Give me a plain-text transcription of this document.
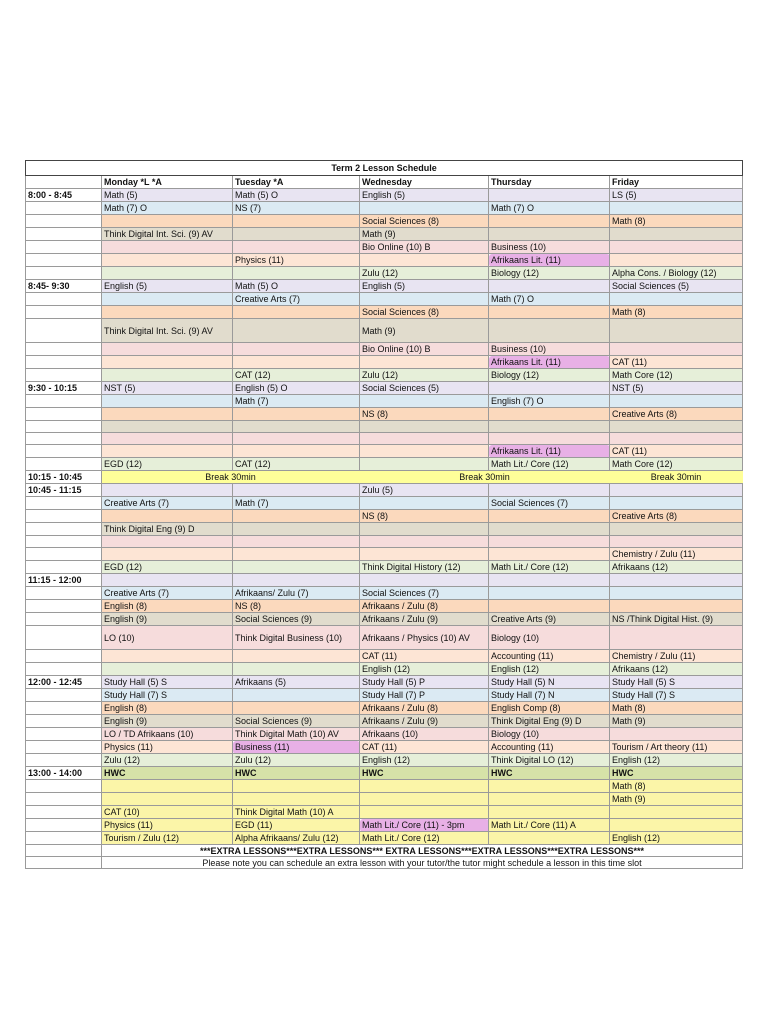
Term 2 Lesson Schedule					
	Monday *L *A	Tuesday *A	Wednesday	Thursday	Friday
8:00 - 8:45	Math (5)	Math (5) O	English (5)		LS (5)
	Math (7) O	NS (7)		Math (7) O	
			Social Sciences (8)		Math (8)
	Think Digital Int. Sci. (9) AV		Math (9)		
			Bio Online (10) B	Business (10)	
		Physics (11)		Afrikaans Lit. (11)	
			Zulu (12)	Biology (12)	Alpha Cons. / Biology (12)
8:45- 9:30	English (5)	Math (5) O	English (5)		Social Sciences (5)
		Creative Arts (7)		Math (7) O	
			Social Sciences (8)		Math (8)
	Think Digital Int. Sci. (9) AV		Math (9)		
			Bio Online (10) B	Business (10)	
				Afrikaans Lit. (11)	CAT (11)
		CAT (12)	Zulu (12)	Biology (12)	Math Core (12)
9:30 - 10:15	NST (5)	English (5) O	Social Sciences (5)		NST (5)
		Math (7)		English (7) O	
			NS (8)		Creative Arts (8)

				Afrikaans Lit. (11)	CAT (11)
	EGD (12)	CAT (12)		Math Lit./ Core (12)	Math Core (12)
10:15 - 10:45	Break 30min		Break 30min		Break 30min
10:45 - 11:15			Zulu (5)		
	Creative Arts (7)	Math (7)		Social Sciences (7)	
			NS (8)		Creative Arts (8)
	Think Digital Eng (9) D				

					Chemistry / Zulu (11)
	EGD (12)		Think Digital History (12)	Math Lit./ Core (12)	Afrikaans (12)
11:15 - 12:00					
	Creative Arts (7)	Afrikaans/ Zulu (7)	Social Sciences (7)		
	English (8)	NS (8)	Afrikaans / Zulu (8)		
	English (9)	Social Sciences (9)	Afrikaans / Zulu (9)	Creative Arts (9)	NS /Think Digital Hist. (9)
	LO (10)	Think Digital Business (10)	Afrikaans / Physics (10) AV	Biology (10)	
			CAT (11)	Accounting (11)	Chemistry / Zulu (11)
			English (12)	English (12)	Afrikaans (12)
12:00 - 12:45	Study Hall (5) S	Afrikaans (5)	Study Hall (5) P	Study Hall (5) N	Study Hall (5) S
	Study Hall (7) S		Study Hall (7) P	Study Hall (7) N	Study Hall (7) S
	English (8)		Afrikaans / Zulu (8)	English Comp (8)	Math (8)
	English (9)	Social Sciences (9)	Afrikaans / Zulu (9)	Think Digital Eng (9) D	Math (9)
	LO / TD Afrikaans (10)	Think Digital Math (10) AV	Afrikaans (10)	Biology (10)	
	Physics (11)	Business (11)	CAT (11)	Accounting (11)	Tourism / Art theory (11)
	Zulu (12)	Zulu (12)	English (12)	Think Digital LO (12)	English (12)
13:00 - 14:00	HWC	HWC	HWC	HWC	HWC
					Math (8)
					Math (9)
	CAT (10)	Think Digital Math (10) A			
	Physics (11)	EGD (11)	Math Lit./ Core (11) - 3pm	Math Lit./ Core (11) A	
	Tourism / Zulu (12)	Alpha Afrikaans/ Zulu (12)	Math Lit./ Core (12)		English (12)
	***EXTRA LESSONS***EXTRA LESSONS*** EXTRA LESSONS***EXTRA LESSONS***EXTRA LESSONS***				
	Please note you can schedule an extra lesson with your tutor/the tutor might schedule a lesson in this time slot				
